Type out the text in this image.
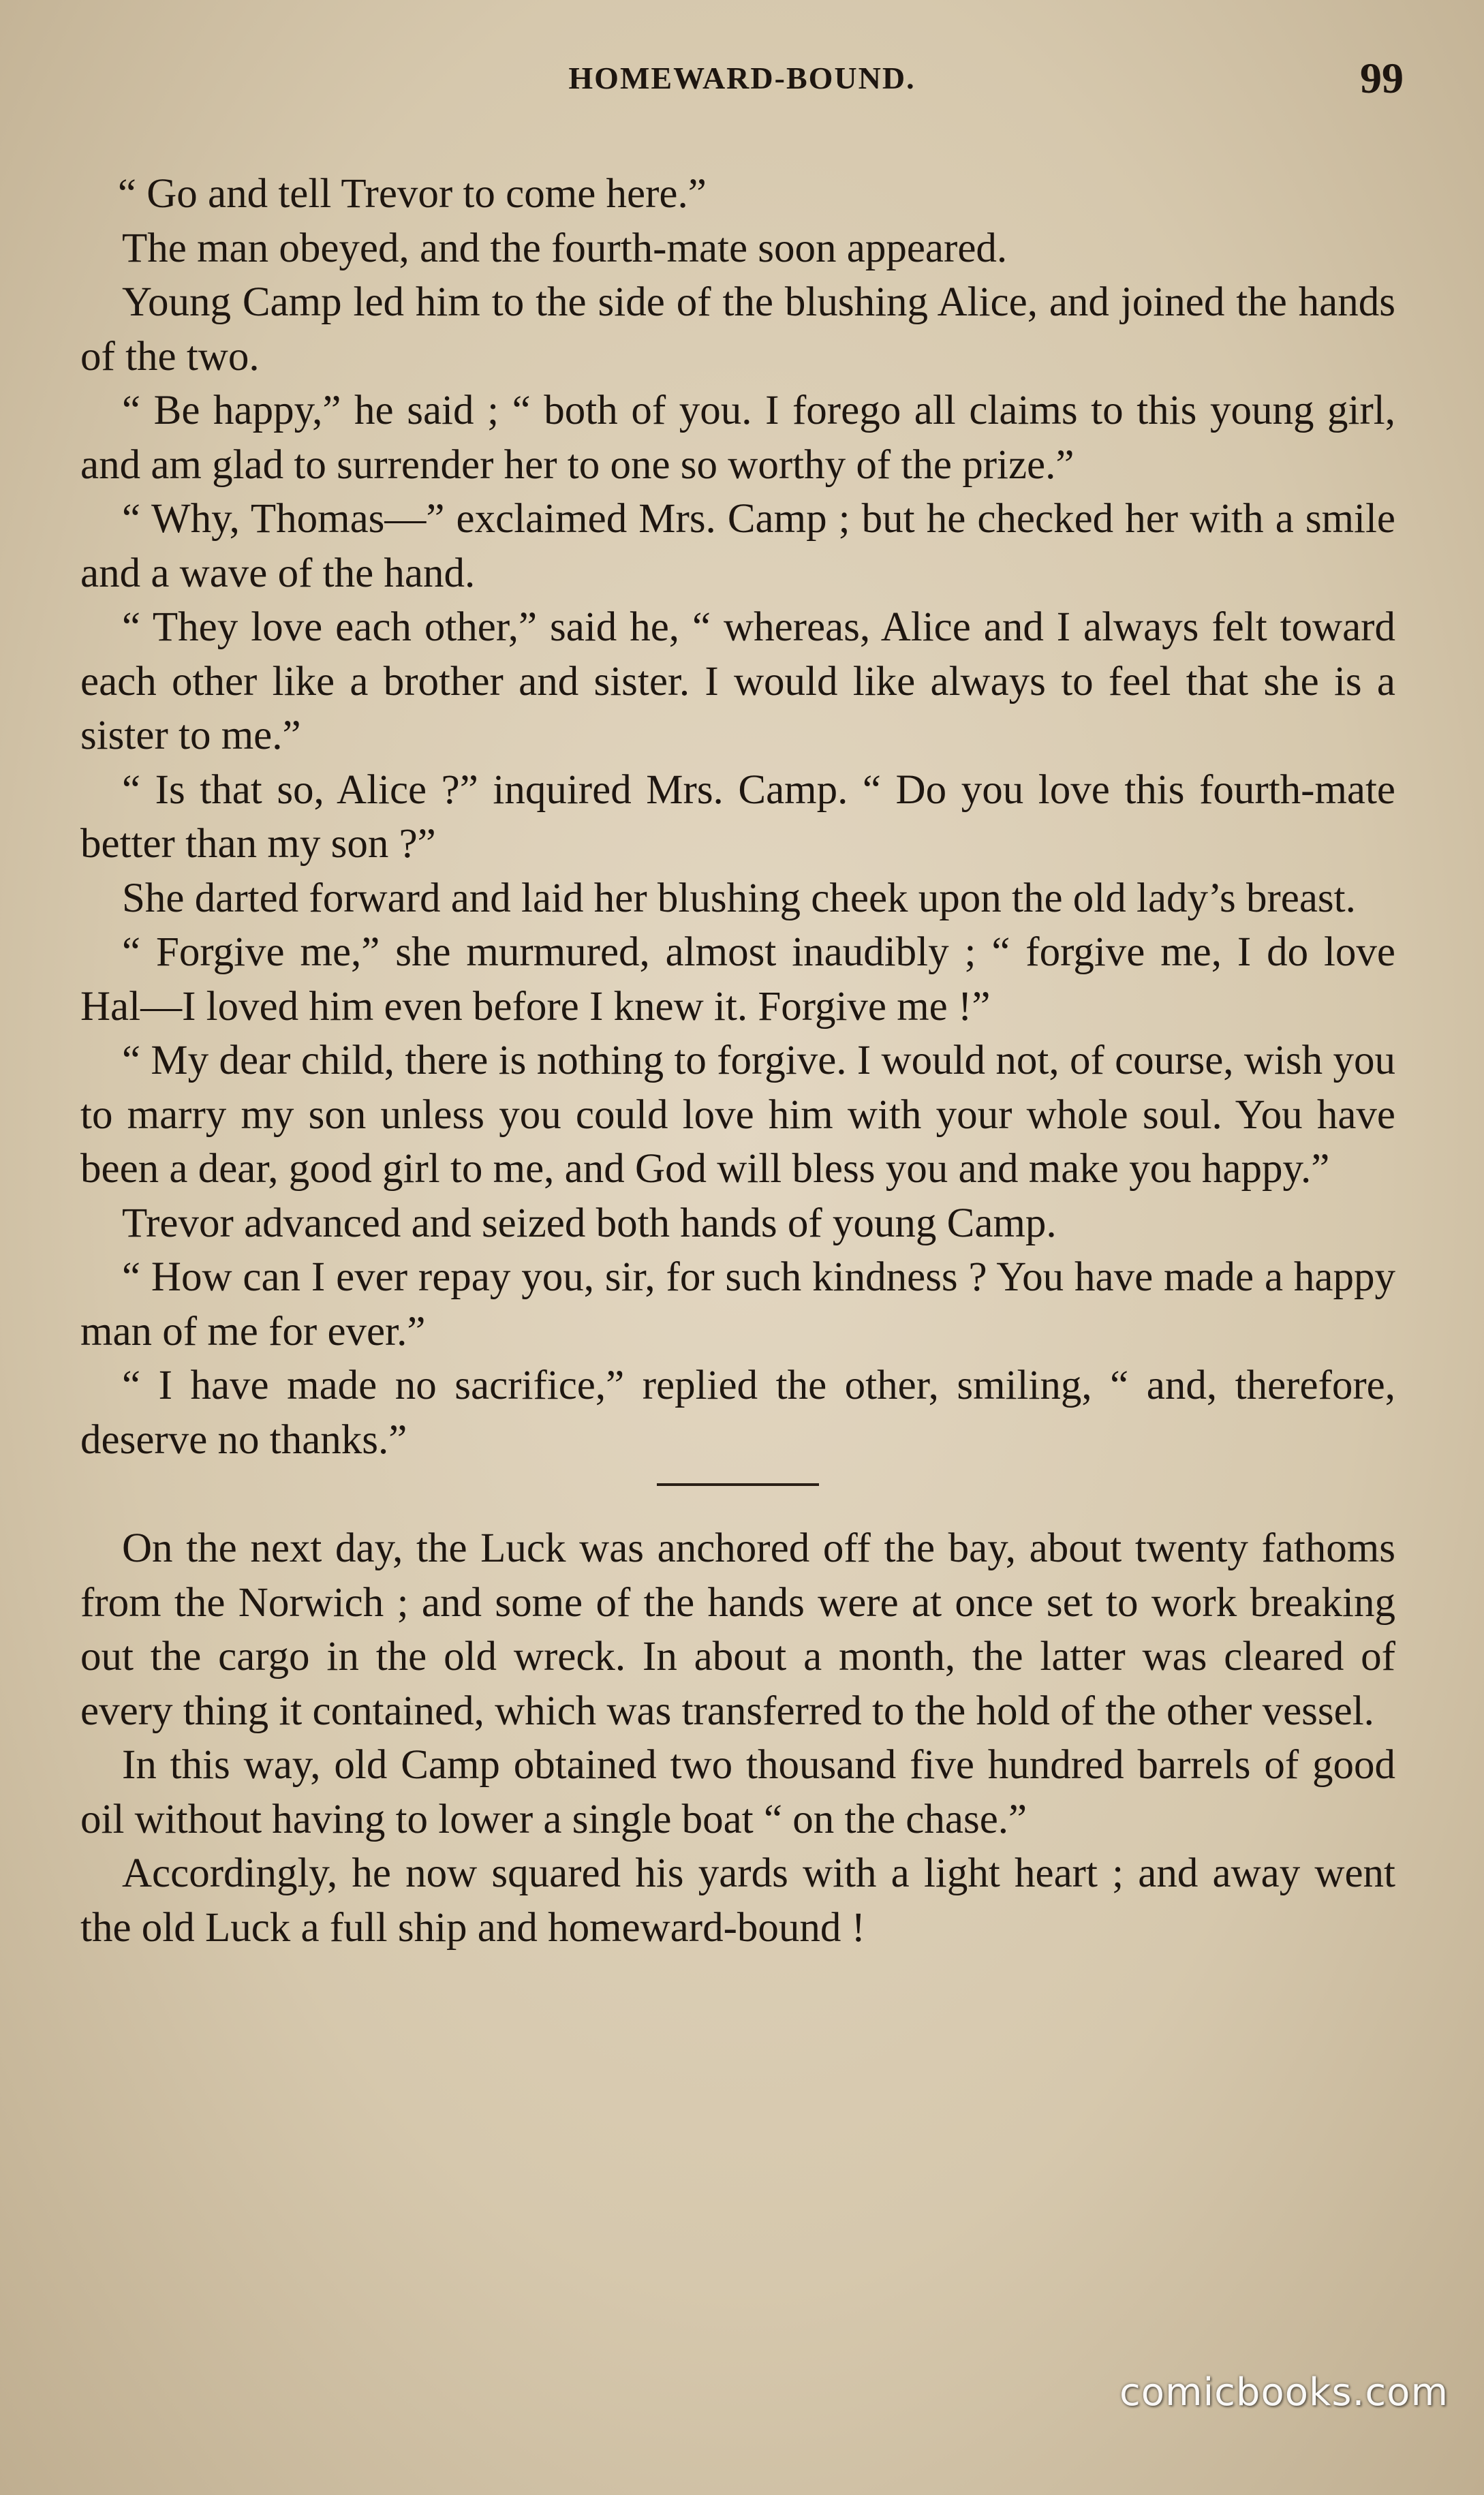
HOMEWARD-BOUND.	99

“ Go and tell Trevor to come here.”

The man obeyed, and the fourth-mate soon appeared.

Young Camp led him to the side of the blushing Alice, and joined the hands of the two.

“ Be happy,” he said ; “ both of you. I forego all claims to this young girl, and am glad to surrender her to one so worthy of the prize.”

“ Why, Thomas—” exclaimed Mrs. Camp ; but he checked her with a smile and a wave of the hand.

“ They love each other,” said he, “ whereas, Alice and I always felt toward each other like a brother and sister. I would like always to feel that she is a sister to me.”

“ Is that so, Alice ?” inquired Mrs. Camp. “ Do you love this fourth-mate better than my son ?”

She darted forward and laid her blushing cheek upon the old lady’s breast.

“ Forgive me,” she murmured, almost inaudibly ; “ forgive me, I do love Hal—I loved him even before I knew it. Forgive me !”

“ My dear child, there is nothing to forgive. I would not, of course, wish you to marry my son unless you could love him with your whole soul. You have been a dear, good girl to me, and God will bless you and make you happy.”

Trevor advanced and seized both hands of young Camp.

“ How can I ever repay you, sir, for such kindness ? You have made a happy man of me for ever.”

“ I have made no sacrifice,” replied the other, smiling, “ and, therefore, deserve no thanks.”

On the next day, the Luck was anchored off the bay, about twenty fathoms from the Norwich ; and some of the hands were at once set to work breaking out the cargo in the old wreck. In about a month, the latter was cleared of every thing it contained, which was transferred to the hold of the other vessel.

In this way, old Camp obtained two thousand five hundred barrels of good oil without having to lower a single boat “ on the chase.”

Accordingly, he now squared his yards with a light heart ; and away went the old Luck a full ship and homeward-bound !

comicbooks.com
